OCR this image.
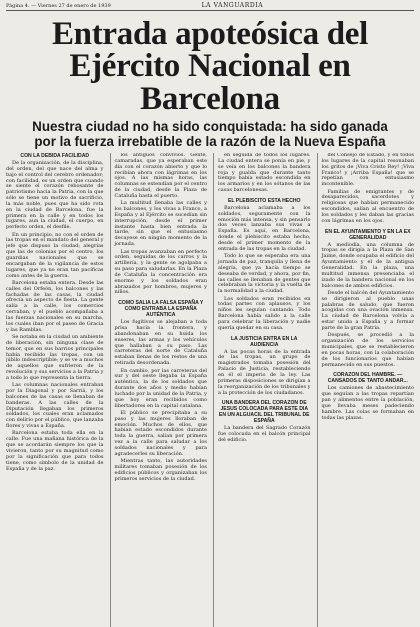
Página 4. — Viernes 27 de enero de 1939	LA VANGUARDIA
Entrada apoteósica del
Ejército Nacional en Barcelona
Nuestra ciudad no ha sido conquistada: ha sido ganada
por la fuerza irrebatible de la razón de la Nueva España
CON LA DEBIDA FACILIDAD

De la organización, de la disciplina, del orden, del que nace del alma y bajo el control del cerebro ordenador; con facilidad, es un orden que cuando se siente el corazón rebosante de patriotismo hacia la Patria, con la que sólo se tiene un motivo de sacrificio, la más noble, pues que ha sido rota en la ciudad de Barcelona, fue la primera en la calle y en todos los lugares, aun la ciudad, el cuerpo, en perfecto orden, el desfile.

En un principio, no con el orden de las tropas en el mandato del general y jefe que dispuso la ciudad; alegrías que las de colonias por el centro, los guardias nacionales que se encargaban de la vigilancia de estos lugares, que ya no eran tan pacíficas como antes de la guerra.

Barcelona estaba entera. Desde las calles del Orfeón, los balcones y las fachadas de las casas, la ciudad ofrecía un aspecto de fiesta. La gente salía a la calle, los comercios cerraban, y el pueblo acompañaba a las fuerzas nacionales en su marcha, los cuales iban por el paseo de Gracia y las Ramblas.

Se notaba en la ciudad un ambiente de liberación, sin ninguna clase de temor, que en sus barrios principales había recibido las tropas, con un júbilo indescriptible; y se ve a muchos de aquellos que sufrieron de la revolución y sus servicios a la Patria y a todo lo que representa la tierra.

Las columnas nacionales entraban por la Diagonal y por Sarriá, y los balcones de las casas se llenaban de banderas. A las calles de la Diputación llegaban los primeros soldados, los cuales eran aclamados con delirio por el público, que lanzaba flores y vivas a España.

Barcelona estaba toda ella en la calle. Fue una mañana histórica de la que se acordarán siempre los que la vivieron, tanto por su magnitud como por la significación que para todos tiene, como símbolo de la unidad de España y de la paz.

los antiguos convivios. Gente, camaradas, que ya esperaban este día con el corazón abierto y que lo recibían ahora con lágrimas en los ojos. A las mismas horas, las columnas se extendían por el centro de la ciudad, desde la Plaza de Cataluña hasta el puerto.

La multitud llenaba las calles y los balcones, y los vivas a Franco, a España y al Ejército se sucedían sin interrupción, desde el primer instante hasta bien entrada la tarde, sin que el entusiasmo decayese en ningún momento de la jornada.

Las tropas avanzaban en perfecto orden, seguidas de los carros y la artillería, y la gente se agolpaba a su paso para saludarlas. En la Plaza de Cataluña la concentración era enorme y los soldados eran abrazados por hombres, mujeres y niños.

COMO SALIA LA FALSA ESPAÑA Y COMO ENTRABA LA ESPAÑA AUTÉNTICA

Los fugitivos se alejaban a toda prisa hacia la frontera, y abandonaban en su huida los enseres, las armas y los vehículos que hallaban a su paso. Las carreteras del norte de Cataluña estaban llenas de los restos de una retirada desordenada.

En cambio, por las carreteras del sur y del oeste llegaba la España auténtica, la de los soldados que durante dos años y medio habían luchado por la unidad de la Patria, y que hoy eran recibidos como libertadores en la capital catalana.

El público se precipitaba a su paso y las mujeres lloraban de emoción. Muchos de ellos, que habían estado escondidos durante toda la guerra, salían por primera vez a la calle para saludar a los soldados nacionales y para agradecerles su liberación.

Mientras tanto, las autoridades militares tomaban posesión de los edificios públicos y organizaban los primeros servicios de la ciudad.

en seguida de todos los lugares. La ciudad entera se ponía en pie, y se veía en los balcones la bandera roja y gualda que durante tanto tiempo había estado escondida en los armarios y en los sótanos de las casas barcelonesas.

EL PLEBISCITO ESTA HECHO

Barcelona aclamaba a los soldados, seguramente con la emoción más intensa, y sin pensarlo dos veces lanzaba sus vivas a España. Es aquí, en Barcelona, donde el plebiscito estaba hecho, desde el primer momento de la entrada de las tropas en la ciudad.

Todo lo que se esperaba era una jornada de paz, tranquila y llena de alegría, que ya hacía tiempo se deseaba de verdad, y ahora, por fin, las calles se llenaban de gentes que celebraban la victoria y la vuelta de la normalidad a la ciudad.

Los soldados eran recibidos en todas partes con aplausos, y los niños les seguían cantando. Todo Barcelona había salido a la calle para celebrar la liberación y nadie quería quedar en su casa.

LA JUSTICIA ENTRA EN LA AUDIENCIA

A las pocas horas de la entrada de las tropas, un grupo de magistrados tomaba posesión del Palacio de Justicia, restableciendo en él el imperio de la ley. Las primeras disposiciones se dirigían a la reorganización de los tribunales y a la protección de los ciudadanos.

UNA BANDERA DEL CORAZON DE JESUS COLOCADA PARA ESTE DIA EN UN ALGUACIL DEL TRIBUNAL DE ESPAÑA

La bandera del Sagrado Corazón fue colocada en el balcón principal del edificio.

del Consejo de Estado, y en todos los lugares de la capital resonaban los gritos de ¡Viva Cristo Rey! ¡Viva Franco! y ¡Arriba España! que se repetían con entusiasmo incontenible.

Familias de emigrantes y de desaparecidos, sacerdotes y religiosas que habían permanecido escondidos, salían al encuentro de los soldados y les daban las gracias con lágrimas en los ojos.

EN EL AYUNTAMIENTO Y EN LA EX GENERALIDAD

A mediodía, una columna de tropas se dirigía a la Plaza de San Jaime, donde ocupaba el edificio del Ayuntamiento y el de la antigua Generalidad. En la plaza, una multitud inmensa presenciaba el izado de la bandera nacional en los balcones de ambos edificios.

Desde el balcón del Ayuntamiento se dirigieron al pueblo unas palabras de saludo, que fueron acogidas con una ovación inmensa. La ciudad de Barcelona volvía a estar unida a España y a formar parte de la gran Patria.

Después, se procedió a la organización de los servicios municipales, que se restablecieron en pocas horas, con la colaboración de los funcionarios que habían permanecido en sus puestos.

CORAZON DEL HAMBRE. — CANSADOS DE TANTO ANDAR...

Los camiones de abastecimiento que seguían a las tropas repartían pan y alimentos entre la población, que llevaba meses padeciendo hambre. Las colas se formaban en todas las plazas.
